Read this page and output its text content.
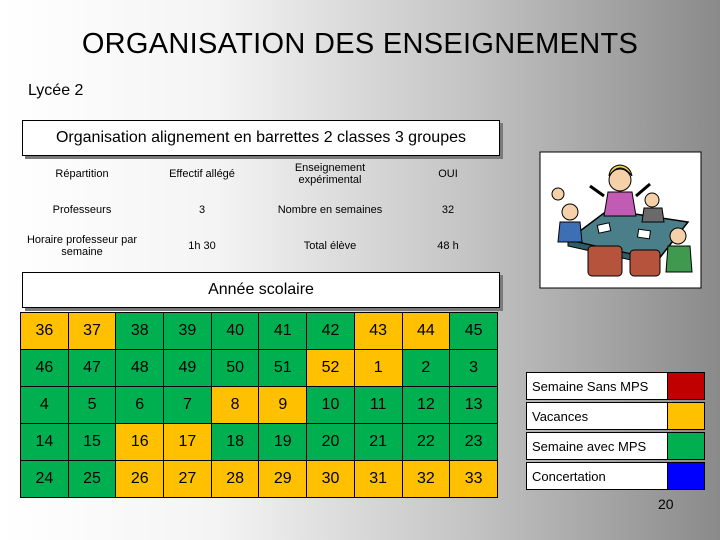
ORGANISATION DES ENSEIGNEMENTS
Lycée 2
Organisation alignement en barrettes 2 classes 3 groupes
Répartition	Effectif allégé	Enseignement expérimental	OUI
Professeurs	3	Nombre en semaines	32
Horaire professeur par semaine	1h 30	Total élève	48 h
Année scolaire
36	37	38	39	40	41	42	43	44	45
46	47	48	49	50	51	52	1	2	3
4	5	6	7	8	9	10	11	12	13
14	15	16	17	18	19	20	21	22	23
24	25	26	27	28	29	30	31	32	33
Semaine Sans MPS
Vacances
Semaine avec MPS
Concertation
20
